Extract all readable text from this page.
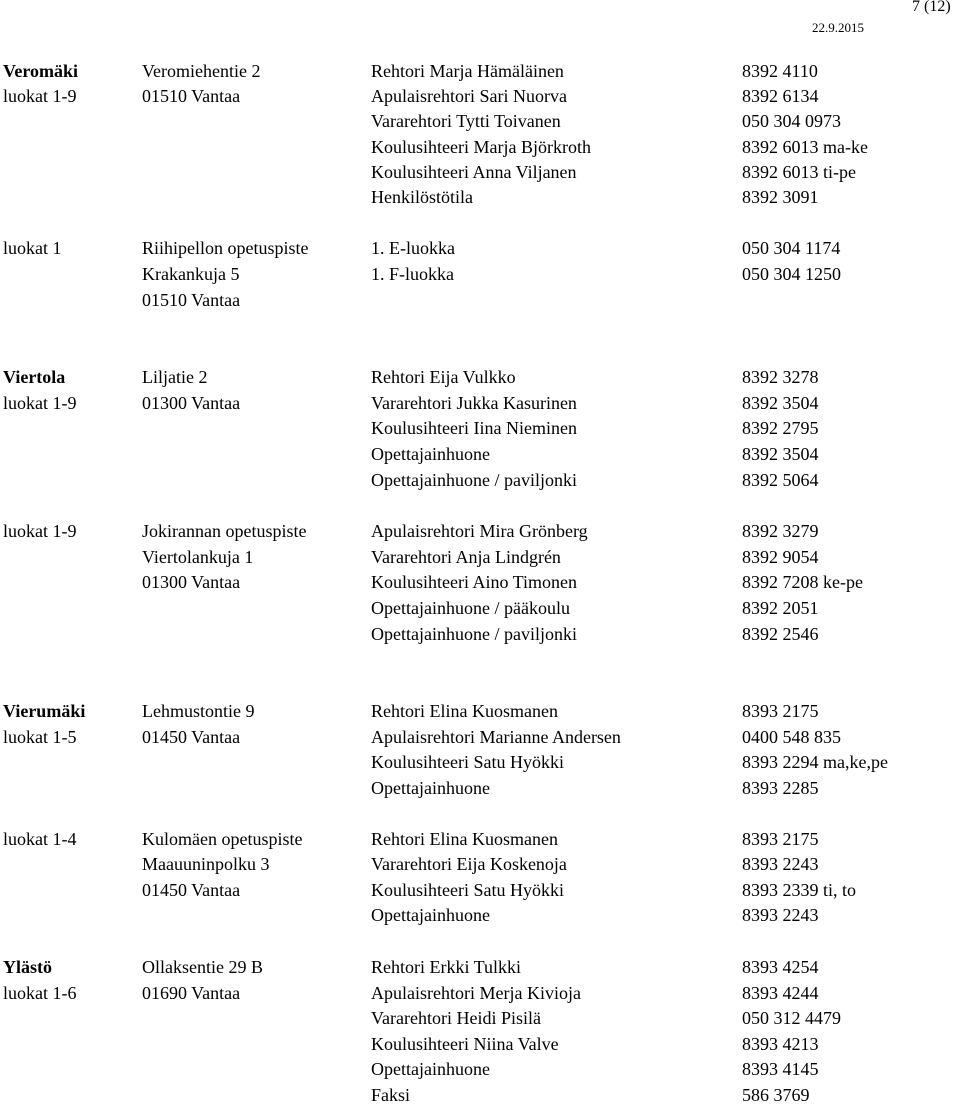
22.9.2015
7 (12)
Veromäki	Veromiehentie 2	Rehtori Marja Hämäläinen	8392 4110
luokat 1-9	01510 Vantaa	Apulaisrehtori Sari Nuorva	8392 6134
Vararehtori Tytti Toivanen	050 304 0973
Koulusihteeri Marja Björkroth	8392 6013 ma-ke
Koulusihteeri Anna Viljanen	8392 6013 ti-pe
Henkilöstötila	8392 3091
luokat 1	Riihipellon opetuspiste	1. E-luokka	050 304 1174
Krakankuja 5	1. F-luokka	050 304 1250
01510 Vantaa
Viertola	Liljatie 2	Rehtori Eija Vulkko	8392 3278
luokat 1-9	01300 Vantaa	Vararehtori Jukka Kasurinen	8392 3504
Koulusihteeri Iina Nieminen	8392 2795
Opettajainhuone	8392 3504
Opettajainhuone / paviljonki	8392 5064
luokat 1-9	Jokirannan opetuspiste	Apulaisrehtori Mira Grönberg	8392 3279
Viertolankuja 1	Vararehtori Anja Lindgrén	8392 9054
01300 Vantaa	Koulusihteeri Aino Timonen	8392 7208 ke-pe
Opettajainhuone / pääkoulu	8392 2051
Opettajainhuone / paviljonki	8392 2546
Vierumäki	Lehmustontie 9	Rehtori Elina Kuosmanen	8393 2175
luokat 1-5	01450 Vantaa	Apulaisrehtori Marianne Andersen	0400 548 835
Koulusihteeri Satu Hyökki	8393 2294 ma,ke,pe
Opettajainhuone	8393 2285
luokat 1-4	Kulomäen opetuspiste	Rehtori Elina Kuosmanen	8393 2175
Maauuninpolku 3	Vararehtori Eija Koskenoja	8393 2243
01450 Vantaa	Koulusihteeri Satu Hyökki	8393 2339 ti, to
Opettajainhuone	8393 2243
Ylästö	Ollaksentie 29 B	Rehtori Erkki Tulkki	8393 4254
luokat 1-6	01690 Vantaa	Apulaisrehtori Merja Kivioja	8393 4244
Vararehtori Heidi Pisilä	050 312 4479
Koulusihteeri Niina Valve	8393 4213
Opettajainhuone	8393 4145
Faksi	586 3769
